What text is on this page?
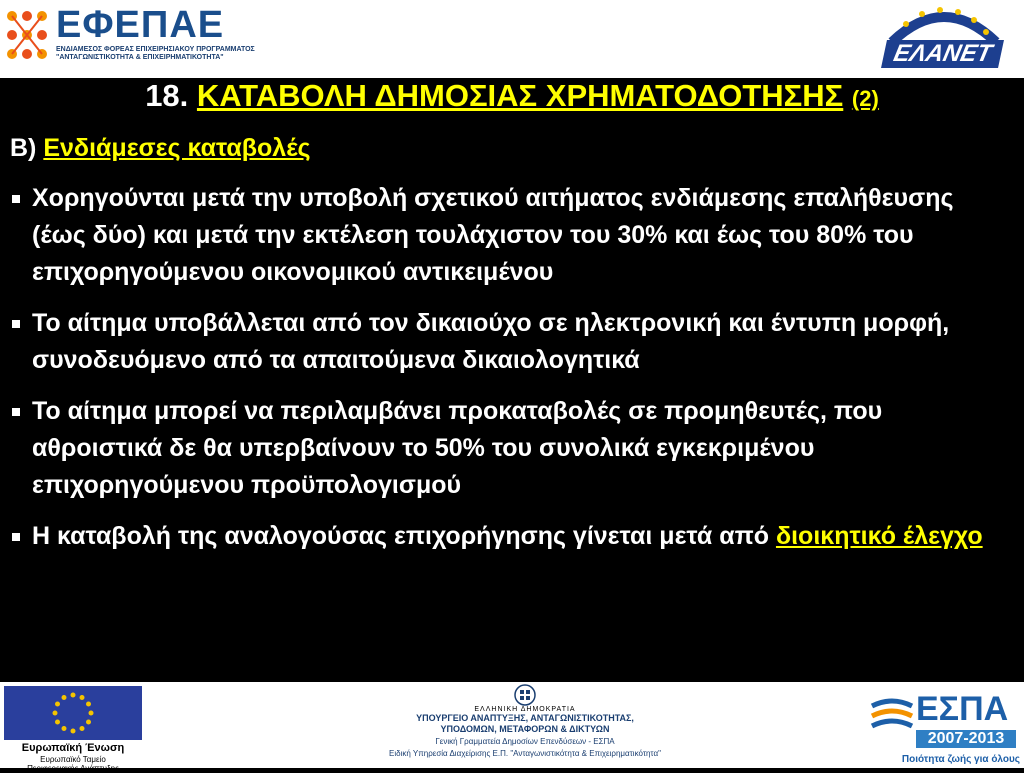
ΕΦΕΠΑΕ
ΕΝΔΙΑΜΕΣΟΣ ΦΟΡΕΑΣ ΕΠΙΧΕΙΡΗΣΙΑΚΟΥ ΠΡΟΓΡΑΜΜΑΤΟΣ
"ΑΝΤΑΓΩΝΙΣΤΙΚΟΤΗΤΑ & ΕΠΙΧΕΙΡΗΜΑΤΙΚΟΤΗΤΑ"	ΕΛΑΝΕΤ
18. ΚΑΤΑΒΟΛΗ ΔΗΜΟΣΙΑΣ ΧΡΗΜΑΤΟΔΟΤΗΣΗΣ (2)
Β) Ενδιάμεσες καταβολές
Χορηγούνται μετά την υποβολή σχετικού αιτήματος ενδιάμεσης επαλήθευσης (έως δύο) και μετά την εκτέλεση τουλάχιστον του 30% και έως του 80% του επιχορηγούμενου οικονομικού αντικειμένου
Το αίτημα υποβάλλεται από τον δικαιούχο σε ηλεκτρονική και έντυπη μορφή, συνοδευόμενο από τα απαιτούμενα δικαιολογητικά
Το αίτημα μπορεί να περιλαμβάνει προκαταβολές σε προμηθευτές, που αθροιστικά δε θα υπερβαίνουν το 50% του συνολικά εγκεκριμένου επιχορηγούμενου προϋπολογισμού
Η καταβολή της αναλογούσας επιχορήγησης γίνεται μετά από διοικητικό έλεγχο
Ευρωπαϊκή Ένωση
Ευρωπαϊκό Ταμείο
Περιφερειακής Ανάπτυξης
ΕΛΛΗΝΙΚΗ ΔΗΜΟΚΡΑΤΙΑ
ΥΠΟΥΡΓΕΙΟ ΑΝΑΠΤΥΞΗΣ, ΑΝΤΑΓΩΝΙΣΤΙΚΟΤΗΤΑΣ,
ΥΠΟΔΟΜΩΝ, ΜΕΤΑΦΟΡΩΝ & ΔΙΚΤΥΩΝ
Γενική Γραμματεία Δημοσίων Επενδύσεων - ΕΣΠΑ
Ειδική Υπηρεσία Διαχείρισης Ε.Π. "Ανταγωνιστικότητα & Επιχειρηματικότητα"
ΕΣΠΑ
2007-2013
Ποιότητα ζωής για όλους
